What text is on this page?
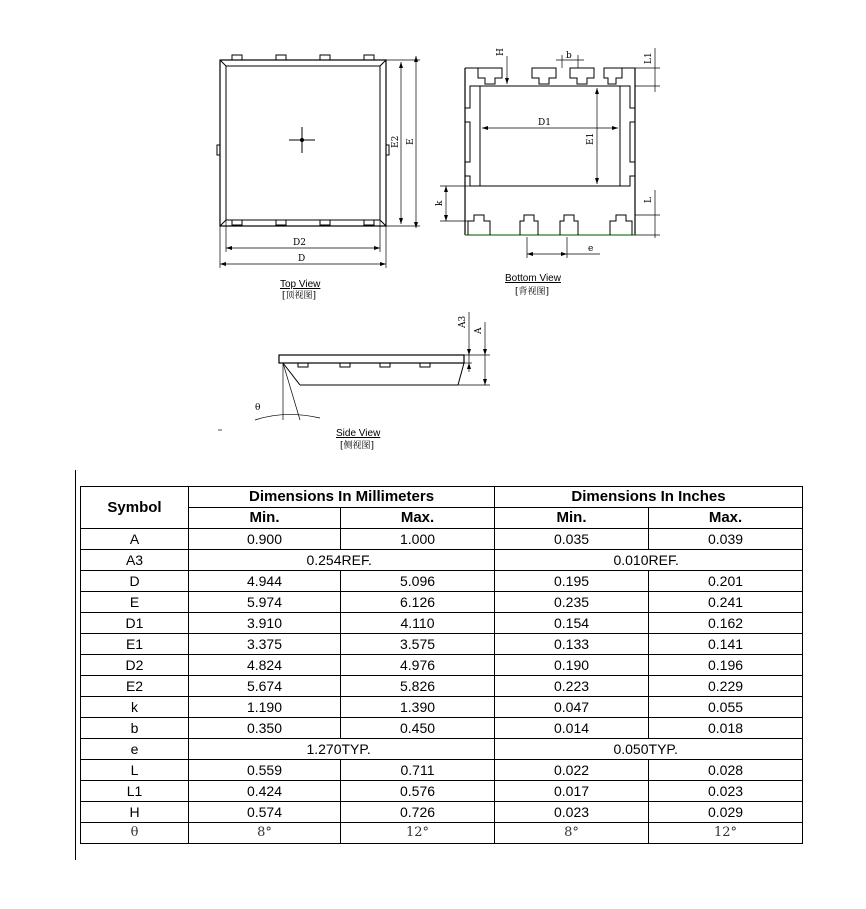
D2
D
E2 E
Top View
[顶视图]
H	b	L1
D1
E1
k
L
e
Bottom View
[背视图]
A3
A
θ
Side View
[侧视图]
Symbol	Dimensions In Millimeters		Dimensions In Inches	
	Min.	Max.	Min.	Max.
A	0.900	1.000	0.035	0.039
A3	0.254REF.		0.010REF.	
D	4.944	5.096	0.195	0.201
E	5.974	6.126	0.235	0.241
D1	3.910	4.110	0.154	0.162
E1	3.375	3.575	0.133	0.141
D2	4.824	4.976	0.190	0.196
E2	5.674	5.826	0.223	0.229
k	1.190	1.390	0.047	0.055
b	0.350	0.450	0.014	0.018
e	1.270TYP.		0.050TYP.	
L	0.559	0.711	0.022	0.028
L1	0.424	0.576	0.017	0.023
H	0.574	0.726	0.023	0.029
θ	8°	12°	8°	12°
